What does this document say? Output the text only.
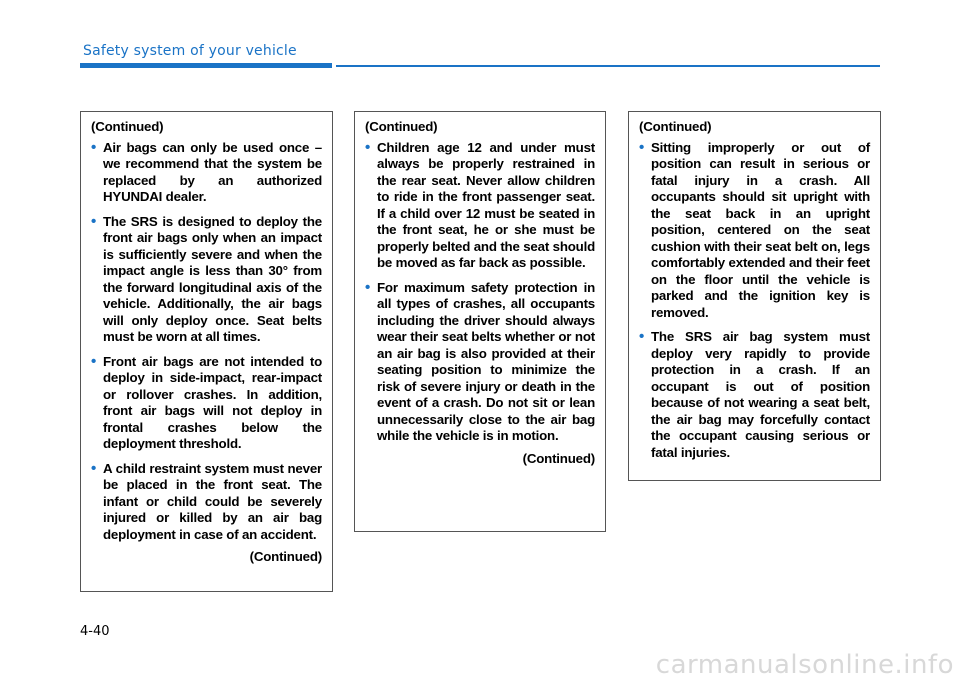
Safety system of your vehicle
(Continued)
• Air bags can only be used once – we recommend that the system be replaced by an authorized HYUNDAI dealer.
• The SRS is designed to deploy the front air bags only when an impact is sufficiently severe and when the impact angle is less than 30° from the forward longitudinal axis of the vehicle. Additionally, the air bags will only deploy once. Seat belts must be worn at all times.
• Front air bags are not intended to deploy in side-impact, rear-impact or rollover crashes. In addition, front air bags will not deploy in frontal crashes below the deployment threshold.
• A child restraint system must never be placed in the front seat. The infant or child could be severely injured or killed by an air bag deployment in case of an accident.
(Continued)
(Continued)
• Children age 12 and under must always be properly restrained in the rear seat. Never allow children to ride in the front passenger seat. If a child over 12 must be seated in the front seat, he or she must be properly belted and the seat should be moved as far back as possible.
• For maximum safety protection in all types of crashes, all occupants including the driver should always wear their seat belts whether or not an air bag is also provided at their seating position to minimize the risk of severe injury or death in the event of a crash. Do not sit or lean unnecessarily close to the air bag while the vehicle is in motion.
(Continued)
(Continued)
• Sitting improperly or out of position can result in serious or fatal injury in a crash. All occupants should sit upright with the seat back in an upright position, centered on the seat cushion with their seat belt on, legs comfortably extended and their feet on the floor until the vehicle is parked and the ignition key is removed.
• The SRS air bag system must deploy very rapidly to provide protection in a crash. If an occupant is out of position because of not wearing a seat belt, the air bag may forcefully contact the occupant causing serious or fatal injuries.
4-40
carmanualsonline.info
